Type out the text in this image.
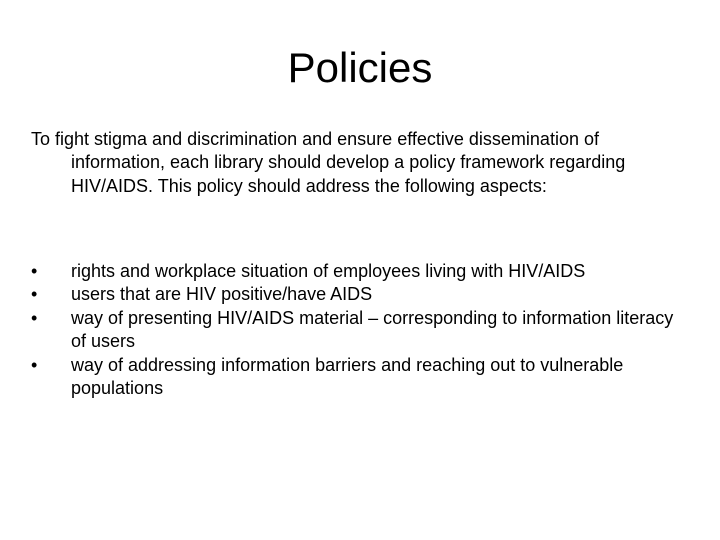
Policies

To fight stigma and discrimination and ensure effective dissemination of information, each library should develop a policy framework regarding HIV/AIDS. This policy should address the following aspects:

•	rights and workplace situation of employees living with HIV/AIDS
•	users that are HIV positive/have AIDS
•	way of presenting HIV/AIDS material – corresponding to information literacy of users
•	way of addressing information barriers and reaching out to vulnerable populations
